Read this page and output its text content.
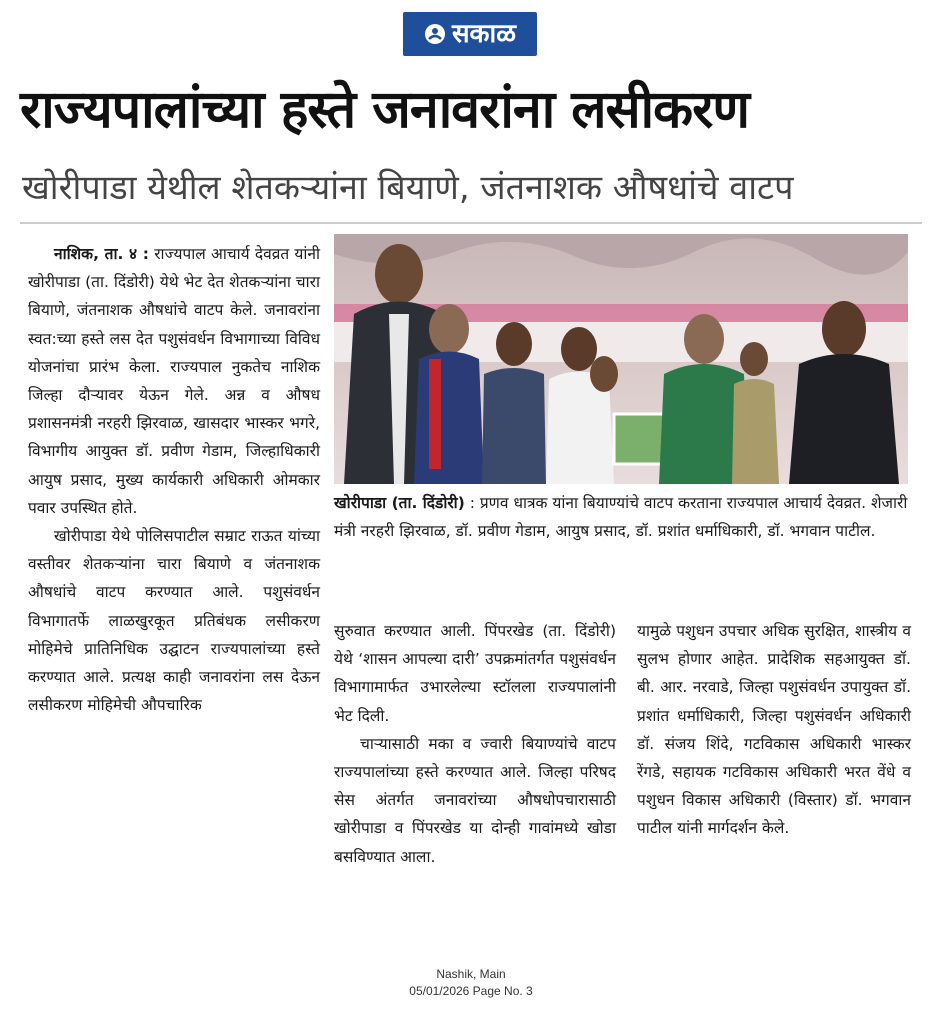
सकाळ
राज्यपालांच्या हस्ते जनावरांना लसीकरण
खोरीपाडा येथील शेतकऱ्यांना बियाणे, जंतनाशक औषधांचे वाटप

नाशिक, ता. ४ : राज्यपाल आचार्य देवव्रत यांनी खोरीपाडा (ता. दिंडोरी) येथे भेट देत शेतकऱ्यांना चारा बियाणे, जंतनाशक औषधांचे वाटप केले. जनावरांना स्वत:च्या हस्ते लस देत पशुसंवर्धन विभागाच्या विविध योजनांचा प्रारंभ केला. राज्यपाल नुकतेच नाशिक जिल्हा दौऱ्यावर येऊन गेले. अन्न व औषध प्रशासनमंत्री नरहरी झिरवाळ, खासदार भास्कर भगरे, विभागीय आयुक्त डॉ. प्रवीण गेडाम, जिल्हाधिकारी आयुष प्रसाद, मुख्य कार्यकारी अधिकारी ओमकार पवार उपस्थित होते.

खोरीपाडा येथे पोलिसपाटील सम्राट राऊत यांच्या वस्तीवर शेतकऱ्यांना चारा बियाणे व जंतनाशक औषधांचे वाटप करण्यात आले. पशुसंवर्धन विभागातर्फे लाळखुरकूत प्रतिबंधक लसीकरण मोहिमेचे प्रातिनिधिक उद्घाटन राज्यपालांच्या हस्ते करण्यात आले. प्रत्यक्ष काही जनावरांना लस देऊन लसीकरण मोहिमेची औपचारिक

खोरीपाडा (ता. दिंडोरी) : प्रणव धात्रक यांना बियाण्यांचे वाटप करताना राज्यपाल आचार्य देवव्रत. शेजारी मंत्री नरहरी झिरवाळ, डॉ. प्रवीण गेडाम, आयुष प्रसाद, डॉ. प्रशांत धर्माधिकारी, डॉ. भगवान पाटील.

सुरुवात करण्यात आली. पिंपरखेड (ता. दिंडोरी) येथे ‘शासन आपल्या दारी’ उपक्रमांतर्गत पशुसंवर्धन विभागामार्फत उभारलेल्या स्टॉलला राज्यपालांनी भेट दिली.

चाऱ्यासाठी मका व ज्वारी बियाण्यांचे वाटप राज्यपालांच्या हस्ते करण्यात आले. जिल्हा परिषद सेस अंतर्गत जनावरांच्या औषधोपचारासाठी खोरीपाडा व पिंपरखेड या दोन्ही गावांमध्ये खोडा बसविण्यात आला.

यामुळे पशुधन उपचार अधिक सुरक्षित, शास्त्रीय व सुलभ होणार आहेत. प्रादेशिक सहआयुक्त डॉ. बी. आर. नरवाडे, जिल्हा पशुसंवर्धन उपायुक्त डॉ. प्रशांत धर्माधिकारी, जिल्हा पशुसंवर्धन अधिकारी डॉ. संजय शिंदे, गटविकास अधिकारी भास्कर रेंगडे, सहायक गटविकास अधिकारी भरत वेंधे व पशुधन विकास अधिकारी (विस्तार) डॉ. भगवान पाटील यांनी मार्गदर्शन केले.

Nashik, Main
05/01/2026 Page No. 3
